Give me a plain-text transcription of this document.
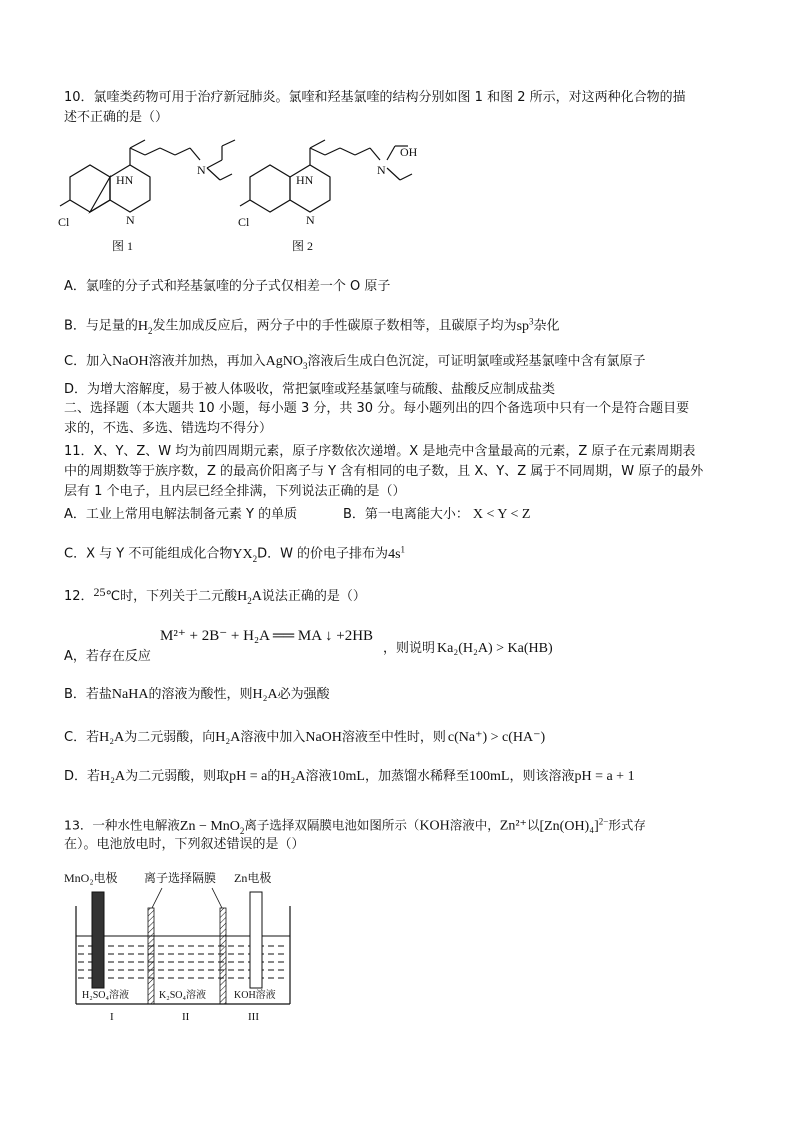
10．氯喹类药物可用于治疗新冠肺炎。氯喹和羟基氯喹的结构分别如图 1 和图 2 所示，对这两种化合物的描
述不正确的是（）
HN
N
Cl	N
图 1
HN
N
OH
Cl	N
图 2
A．氯喹的分子式和羟基氯喹的分子式仅相差一个 O 原子
B．与足量的$H_2$发生加成反应后，两分子中的手性碳原子数相等，且碳原子均为$sp^3$杂化
C．加入NaOH溶液并加热，再加入AgNO$_3$溶液后生成白色沉淀，可证明氯喹或羟基氯喹中含有氯原子
D．为增大溶解度，易于被人体吸收，常把氯喹或羟基氯喹与硫酸、盐酸反应制成盐类
二、选择题（本大题共 10 小题，每小题 3 分，共 30 分。每小题列出的四个备选项中只有一个是符合题目要
求的，不选、多选、错选均不得分）
11．X、Y、Z、W 均为前四周期元素，原子序数依次递增。X 是地壳中含量最高的元素，Z 原子在元素周期表
中的周期数等于族序数，Z 的最高价阳离子与 Y 含有相同的电子数，且 X、Y、Z 属于不同周期，W 原子的最外
层有 1 个电子，且内层已经全排满，下列说法正确的是（）
A．工业上常用电解法制备元素 Y 的单质	B．第一电离能大小： X < Y < Z
C．X 与 Y 不可能组成化合物$YX_2D$．W 的价电子排布为$4s^1$
12．25℃时，下列关于二元酸$H_2A$说法正确的是（）
M²⁺ + 2B⁻ + H₂A ══ MA ↓ +2HB
A，若存在反应
，则说明 Ka₂(H₂A) > Ka(HB)
B．若盐NaHA的溶液为酸性，则H₂A必为强酸
C．若H₂A为二元弱酸，向H₂A溶液中加入NaOH溶液至中性时，则 c(Na⁺) > c(HA⁻)
D．若H₂A为二元弱酸，则取pH = a的H₂A溶液10mL，加蒸馏水稀释至100mL，则该溶液pH = a + 1
13．一种水性电解液Zn − MnO$_2$离子选择双隔膜电池如图所示（KOH溶液中，Zn²⁺以$[Zn(OH)_4]^{2-}$形式存
在）。电池放电时，下列叙述错误的是（）
MnO₂电极 离子选择隔膜 Zn电极
H₂SO₄溶液	K₂SO₄溶液	KOH溶液
I	II	III
